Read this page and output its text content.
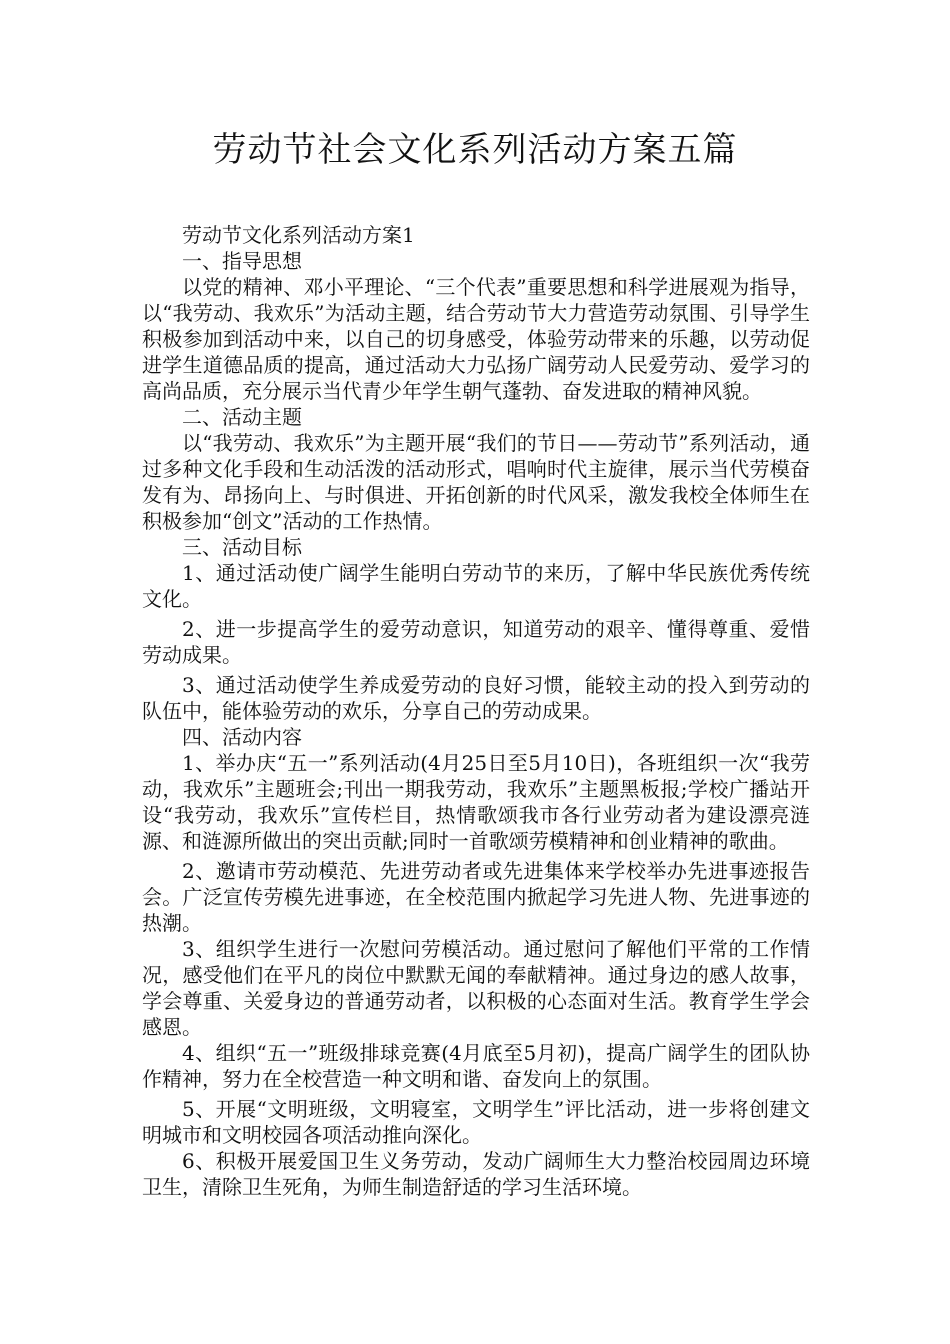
劳动节社会文化系列活动方案五篇

劳动节文化系列活动方案1

一、指导思想

以党的精神、邓小平理论、“三个代表”重要思想和科学进展观为指导，以“我劳动、我欢乐”为活动主题，结合劳动节大力营造劳动氛围、引导学生积极参加到活动中来，以自己的切身感受，体验劳动带来的乐趣，以劳动促进学生道德品质的提高，通过活动大力弘扬广阔劳动人民爱劳动、爱学习的高尚品质，充分展示当代青少年学生朝气蓬勃、奋发进取的精神风貌。

二、活动主题

以“我劳动、我欢乐”为主题开展“我们的节日——劳动节”系列活动，通过多种文化手段和生动活泼的活动形式，唱响时代主旋律，展示当代劳模奋发有为、昂扬向上、与时俱进、开拓创新的时代风采，激发我校全体师生在积极参加“创文”活动的工作热情。

三、活动目标

1、通过活动使广阔学生能明白劳动节的来历，了解中华民族优秀传统文化。

2、进一步提高学生的爱劳动意识，知道劳动的艰辛、懂得尊重、爱惜劳动成果。

3、通过活动使学生养成爱劳动的良好习惯，能较主动的投入到劳动的队伍中，能体验劳动的欢乐，分享自己的劳动成果。

四、活动内容

1、举办庆“五一”系列活动(4月25日至5月10日)，各班组织一次“我劳动，我欢乐”主题班会;刊出一期我劳动，我欢乐”主题黑板报;学校广播站开设“我劳动，我欢乐”宣传栏目，热情歌颂我市各行业劳动者为建设漂亮涟源、和涟源所做出的突出贡献;同时一首歌颂劳模精神和创业精神的歌曲。

2、邀请市劳动模范、先进劳动者或先进集体来学校举办先进事迹报告会。广泛宣传劳模先进事迹，在全校范围内掀起学习先进人物、先进事迹的热潮。

3、组织学生进行一次慰问劳模活动。通过慰问了解他们平常的工作情况，感受他们在平凡的岗位中默默无闻的奉献精神。通过身边的感人故事，学会尊重、关爱身边的普通劳动者，以积极的心态面对生活。教育学生学会感恩。

4、组织“五一”班级排球竞赛(4月底至5月初)，提高广阔学生的团队协作精神，努力在全校营造一种文明和谐、奋发向上的氛围。

5、开展“文明班级，文明寝室，文明学生”评比活动，进一步将创建文明城市和文明校园各项活动推向深化。

6、积极开展爱国卫生义务劳动，发动广阔师生大力整治校园周边环境卫生，清除卫生死角，为师生制造舒适的学习生活环境。
